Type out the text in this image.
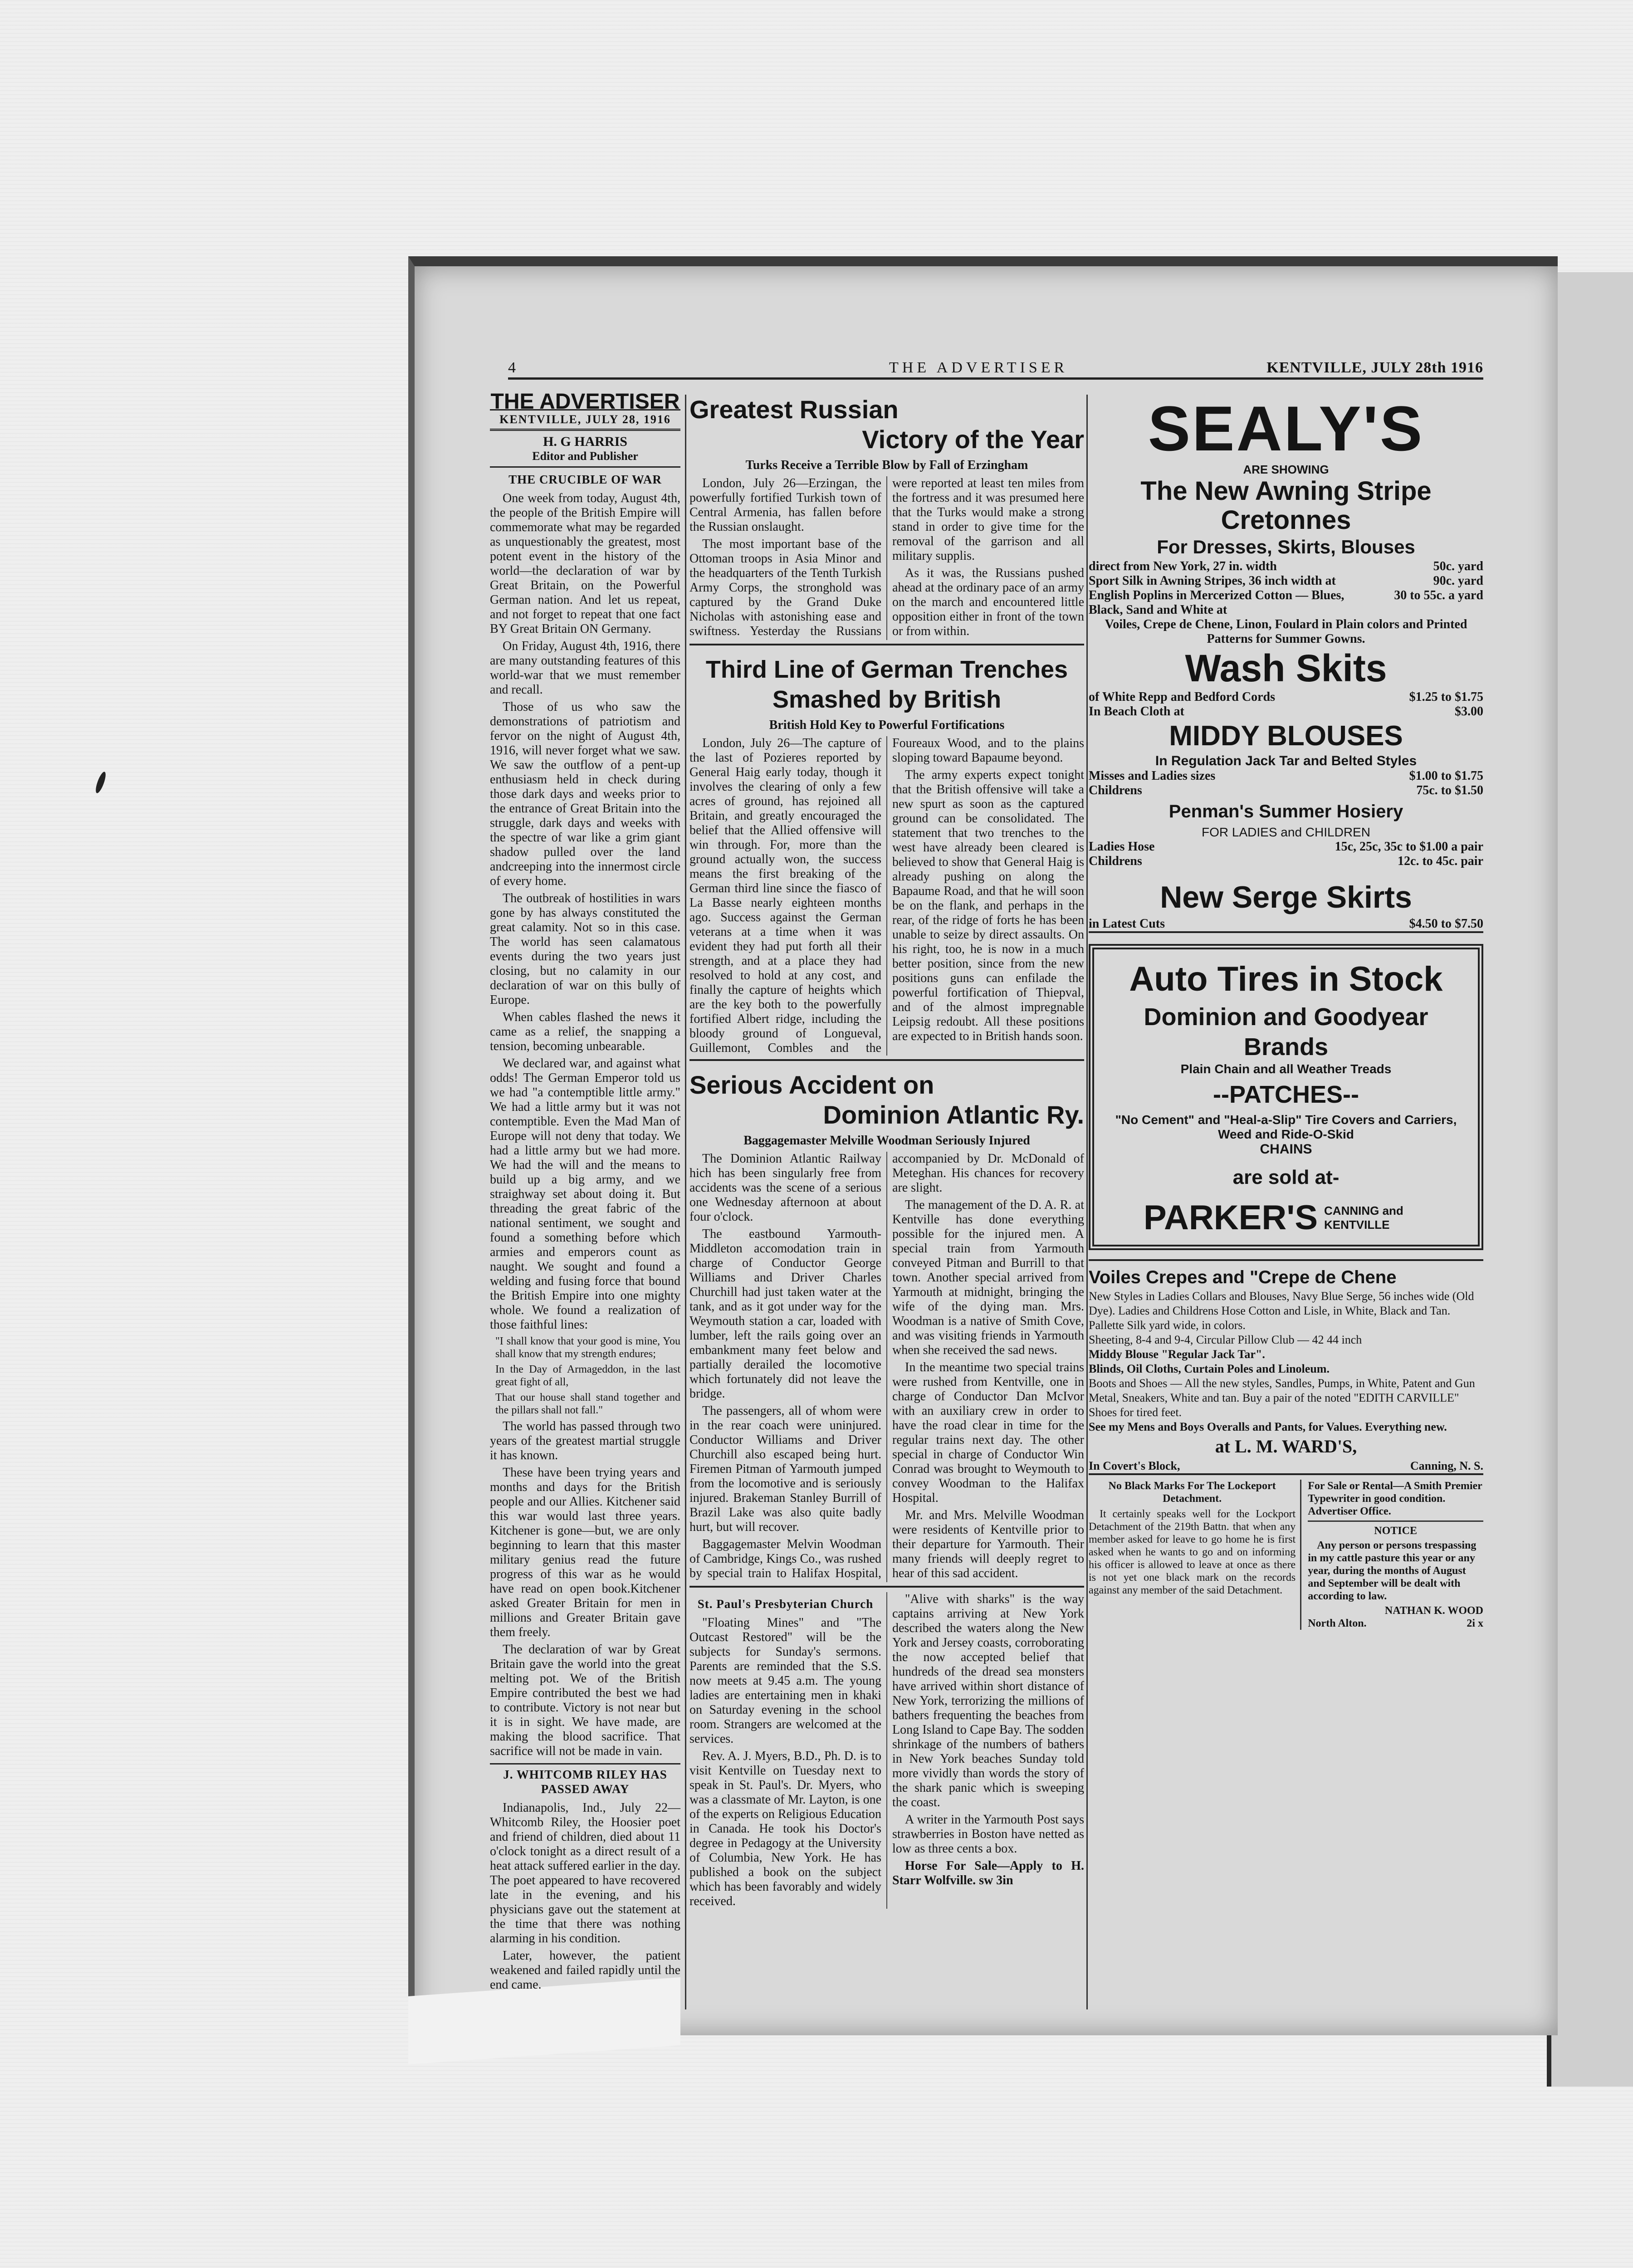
4	THE ADVERTISER	KENTVILLE, JULY 28th 1916
THE ADVERTISER
KENTVILLE, JULY 28, 1916
H. G HARRIS
Editor and Publisher
THE CRUCIBLE OF WAR

One week from today, August 4th, the people of the British Empire will commemorate what may be regarded as unquestionably the greatest, most potent event in the history of the world—the declaration of war by Great Britain, on the Powerful German nation. And let us repeat, and not forget to repeat that one fact BY Great Britain ON Germany.

On Friday, August 4th, 1916, there are many outstanding features of this world-war that we must remember and recall.

Those of us who saw the demonstrations of patriotism and fervor on the night of August 4th, 1916, will never forget what we saw. We saw the outflow of a pent-up enthusiasm held in check during those dark days and weeks prior to the entrance of Great Britain into the struggle, dark days and weeks with the spectre of war like a grim giant shadow pulled over the land andcreeping into the innermost circle of every home.

The outbreak of hostilities in wars gone by has always constituted the great calamity. Not so in this case. The world has seen calamatous events during the two years just closing, but no calamity in our declaration of war on this bully of Europe.

When cables flashed the news it came as a relief, the snapping a tension, becoming unbearable.

We declared war, and against what odds! The German Emperor told us we had "a contemptible little army." We had a little army but it was not contemptible. Even the Mad Man of Europe will not deny that today. We had a little army but we had more. We had the will and the means to build up a big army, and we straighway set about doing it. But threading the great fabric of the national sentiment, we sought and found a something before which armies and emperors count as naught. We sought and found a welding and fusing force that bound the British Empire into one mighty whole. We found a realization of those faithful lines:

"I shall know that your good is mine, You shall know that my strength endures;
In the Day of Armageddon, in the last great fight of all,
That our house shall stand together and the pillars shall not fall."

The world has passed through two years of the greatest martial struggle it has known.

These have been trying years and months and days for the British people and our Allies. Kitchener said this war would last three years. Kitchener is gone—but, we are only beginning to learn that this master military genius read the future progress of this war as he would have read on open book.Kitchener asked Greater Britain for men in millions and Greater Britain gave them freely.

The declaration of war by Great Britain gave the world into the great melting pot. We of the British Empire contributed the best we had to contribute. Victory is not near but it is in sight. We have made, are making the blood sacrifice. That sacrifice will not be made in vain.

J. WHITCOMB RILEY HAS PASSED AWAY

Indianapolis, Ind., July 22—Whitcomb Riley, the Hoosier poet and friend of children, died about 11 o'clock tonight as a direct result of a heat attack suffered earlier in the day. The poet appeared to have recovered late in the evening, and his physicians gave out the statement at the time that there was nothing alarming in his condition.

Later, however, the patient weakened and failed rapidly until the end came.

Greatest Russian
Victory of the Year
Turks Receive a Terrible Blow by Fall of Erzingham

London, July 26—Erzingan, the powerfully fortified Turkish town of Central Armenia, has fallen before the Russian onslaught.

The most important base of the Ottoman troops in Asia Minor and the headquarters of the Tenth Turkish Army Corps, the stronghold was captured by the Grand Duke Nicholas with astonishing ease and swiftness. Yesterday the Russians were reported at least ten miles from the fortress and it was presumed here that the Turks would make a strong stand in order to give time for the removal of the garrison and all military supplis.

As it was, the Russians pushed ahead at the ordinary pace of an army on the march and encountered little opposition either in front of the town or from within.

Third Line of German Trenches Smashed by British
British Hold Key to Powerful Fortifications

London, July 26—The capture of the last of Pozieres reported by General Haig early today, though it involves the clearing of only a few acres of ground, has rejoined all Britain, and greatly encouraged the belief that the Allied offensive will win through. For, more than the ground actually won, the success means the first breaking of the German third line since the fiasco of La Basse nearly eighteen months ago. Success against the German veterans at a time when it was evident they had put forth all their strength, and at a place they had resolved to hold at any cost, and finally the capture of heights which are the key both to the powerfully fortified Albert ridge, including the bloody ground of Longueval, Guillemont, Combles and the Foureaux Wood, and to the plains sloping toward Bapaume beyond.

The army experts expect tonight that the British offensive will take a new spurt as soon as the captured ground can be consolidated. The statement that two trenches to the west have already been cleared is believed to show that General Haig is already pushing on along the Bapaume Road, and that he will soon be on the flank, and perhaps in the rear, of the ridge of forts he has been unable to seize by direct assaults. On his right, too, he is now in a much better position, since from the new positions guns can enfilade the powerful fortification of Thiepval, and of the almost impregnable Leipsig redoubt. All these positions are expected to in British hands soon.

Serious Accident on
Dominion Atlantic Ry.
Baggagemaster Melville Woodman Seriously Injured

The Dominion Atlantic Railway hich has been singularly free from accidents was the scene of a serious one Wednesday afternoon at about four o'clock.

The eastbound Yarmouth-Middleton accomodation train in charge of Conductor George Williams and Driver Charles Churchill had just taken water at the tank, and as it got under way for the Weymouth station a car, loaded with lumber, left the rails going over an embankment many feet below and partially derailed the locomotive which fortunately did not leave the bridge.

The passengers, all of whom were in the rear coach were uninjured. Conductor Williams and Driver Churchill also escaped being hurt. Firemen Pitman of Yarmouth jumped from the locomotive and is seriously injured. Brakeman Stanley Burrill of Brazil Lake was also quite badly hurt, but will recover.

Baggagemaster Melvin Woodman of Cambridge, Kings Co., was rushed by special train to Halifax Hospital, accompanied by Dr. McDonald of Meteghan. His chances for recovery are slight.

The management of the D. A. R. at Kentville has done everything possible for the injured men. A special train from Yarmouth conveyed Pitman and Burrill to that town. Another special arrived from Yarmouth at midnight, bringing the wife of the dying man. Mrs. Woodman is a native of Smith Cove, and was visiting friends in Yarmouth when she received the sad news.

In the meantime two special trains were rushed from Kentville, one in charge of Conductor Dan McIvor with an auxiliary crew in order to have the road clear in time for the regular trains next day. The other special in charge of Conductor Win Conrad was brought to Weymouth to convey Woodman to the Halifax Hospital.

Mr. and Mrs. Melville Woodman were residents of Kentville prior to their departure for Yarmouth. Their many friends will deeply regret to hear of this sad accident.

St. Paul's Presbyterian Church

"Floating Mines" and "The Outcast Restored" will be the subjects for Sunday's sermons. Parents are reminded that the S.S. now meets at 9.45 a.m. The young ladies are entertaining men in khaki on Saturday evening in the school room. Strangers are welcomed at the services.

Rev. A. J. Myers, B.D., Ph. D. is to visit Kentville on Tuesday next to speak in St. Paul's. Dr. Myers, who was a classmate of Mr. Layton, is one of the experts on Religious Education in Canada. He took his Doctor's degree in Pedagogy at the University of Columbia, New York. He has published a book on the subject which has been favorably and widely received.

"Alive with sharks" is the way captains arriving at New York described the waters along the New York and Jersey coasts, corroborating the now accepted belief that hundreds of the dread sea monsters have arrived within short distance of New York, terrorizing the millions of bathers frequenting the beaches from Long Island to Cape Bay. The sodden shrinkage of the numbers of bathers in New York beaches Sunday told more vividly than words the story of the shark panic which is sweeping the coast.

A writer in the Yarmouth Post says strawberries in Boston have netted as low as three cents a box.

Horse For Sale—Apply to H. Starr Wolfville. sw 3in

SEALY'S
ARE SHOWING
The New Awning Stripe Cretonnes
For Dresses, Skirts, Blouses
direct from New York, 27 in. width	50c. yard
Sport Silk in Awning Stripes, 36 inch width at	90c. yard
English Poplins in Mercerized Cotton — Blues, Black, Sand and White at
30 to 55c. a yard
Voiles, Crepe de Chene, Linon, Foulard in Plain colors and Printed Patterns for Summer Gowns.
Wash Skits
of White Repp and Bedford Cords	$1.25 to $1.75
In Beach Cloth at	$3.00
MIDDY BLOUSES
In Regulation Jack Tar and Belted Styles
Misses and Ladies sizes	$1.00 to $1.75
Childrens	75c. to $1.50
Penman's Summer Hosiery
FOR LADIES and CHILDREN
Ladies Hose	15c, 25c, 35c to $1.00 a pair
Childrens	12c. to 45c. pair
New Serge Skirts
in Latest Cuts	$4.50 to $7.50
Auto Tires in Stock
Dominion and Goodyear Brands
Plain Chain and all Weather Treads
--PATCHES--
"No Cement" and "Heal-a-Slip" Tire Covers and Carriers, Weed and Ride-O-Skid
CHAINS
are sold at-
PARKER'S CANNING and KENTVILLE
Voiles Crepes and "Crepe de Chene
New Styles in Ladies Collars and Blouses, Navy Blue Serge, 56 inches wide (Old Dye). Ladies and Childrens Hose Cotton and Lisle, in White, Black and Tan.
Pallette Silk yard wide, in colors.
Sheeting, 8-4 and 9-4, Circular Pillow Club — 42 44 inch
Middy Blouse "Regular Jack Tar".
Blinds, Oil Cloths, Curtain Poles and Linoleum.
Boots and Shoes — All the new styles, Sandles, Pumps, in White, Patent and Gun Metal, Sneakers, White and tan. Buy a pair of the noted "EDITH CARVILLE" Shoes for tired feet.
See my Mens and Boys Overalls and Pants, for Values. Everything new.
at L. M. WARD'S,
In Covert's Block,	Canning, N. S.
No Black Marks For The Lockeport Detachment.

It certainly speaks well for the Lockport Detachment of the 219th Battn. that when any member asked for leave to go home he is first asked when he wants to go and on informing his officer is allowed to leave at once as there is not yet one black mark on the records against any member of the said Detachment.

For Sale or Rental—A Smith Premier Typewriter in good condition. Advertiser Office.

NOTICE

Any person or persons trespassing in my cattle pasture this year or any year, during the months of August and September will be dealt with according to law.

NATHAN K. WOOD
North Alton.	2i x
